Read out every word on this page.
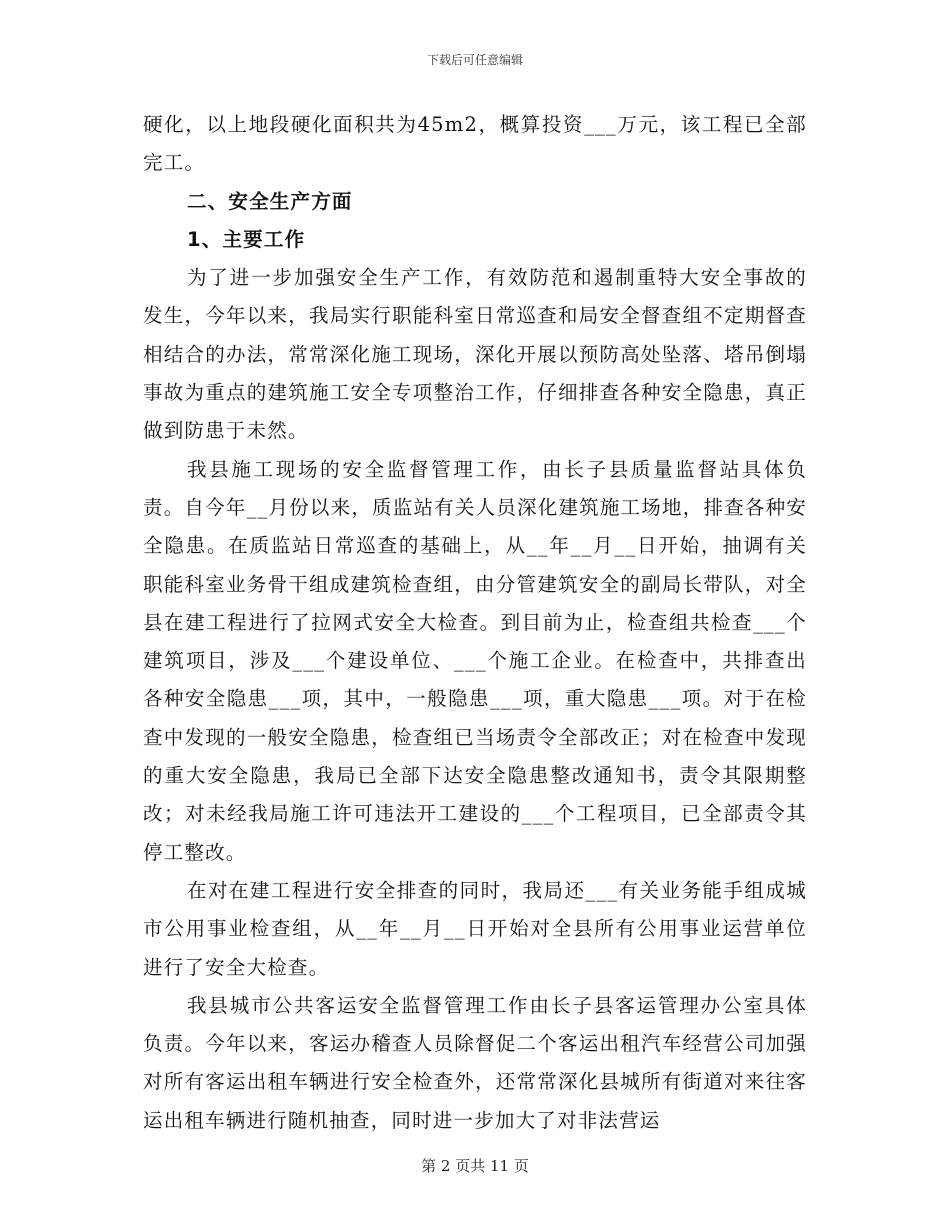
下载后可任意编辑

硬化，以上地段硬化面积共为45m2，概算投资___万元，该工程已全部完工。

二、安全生产方面
1、主要工作

为了进一步加强安全生产工作，有效防范和遏制重特大安全事故的发生，今年以来，我局实行职能科室日常巡查和局安全督查组不定期督查相结合的办法，常常深化施工现场，深化开展以预防高处坠落、塔吊倒塌事故为重点的建筑施工安全专项整治工作，仔细排查各种安全隐患，真正做到防患于未然。

我县施工现场的安全监督管理工作，由长子县质量监督站具体负责。自今年__月份以来，质监站有关人员深化建筑施工场地，排查各种安全隐患。在质监站日常巡查的基础上，从__年__月__日开始，抽调有关职能科室业务骨干组成建筑检查组，由分管建筑安全的副局长带队，对全县在建工程进行了拉网式安全大检查。到目前为止，检查组共检查___个建筑项目，涉及___个建设单位、___个施工企业。在检查中，共排查出各种安全隐患___项，其中，一般隐患___项，重大隐患___项。对于在检查中发现的一般安全隐患，检查组已当场责令全部改正；对在检查中发现的重大安全隐患，我局已全部下达安全隐患整改通知书，责令其限期整改；对未经我局施工许可违法开工建设的___个工程项目，已全部责令其停工整改。

在对在建工程进行安全排查的同时，我局还___有关业务能手组成城市公用事业检查组，从__年__月__日开始对全县所有公用事业运营单位进行了安全大检查。

我县城市公共客运安全监督管理工作由长子县客运管理办公室具体负责。今年以来，客运办稽查人员除督促二个客运出租汽车经营公司加强对所有客运出租车辆进行安全检查外，还常常深化县城所有街道对来往客运出租车辆进行随机抽查，同时进一步加大了对非法营运

第 2 页共 11 页
